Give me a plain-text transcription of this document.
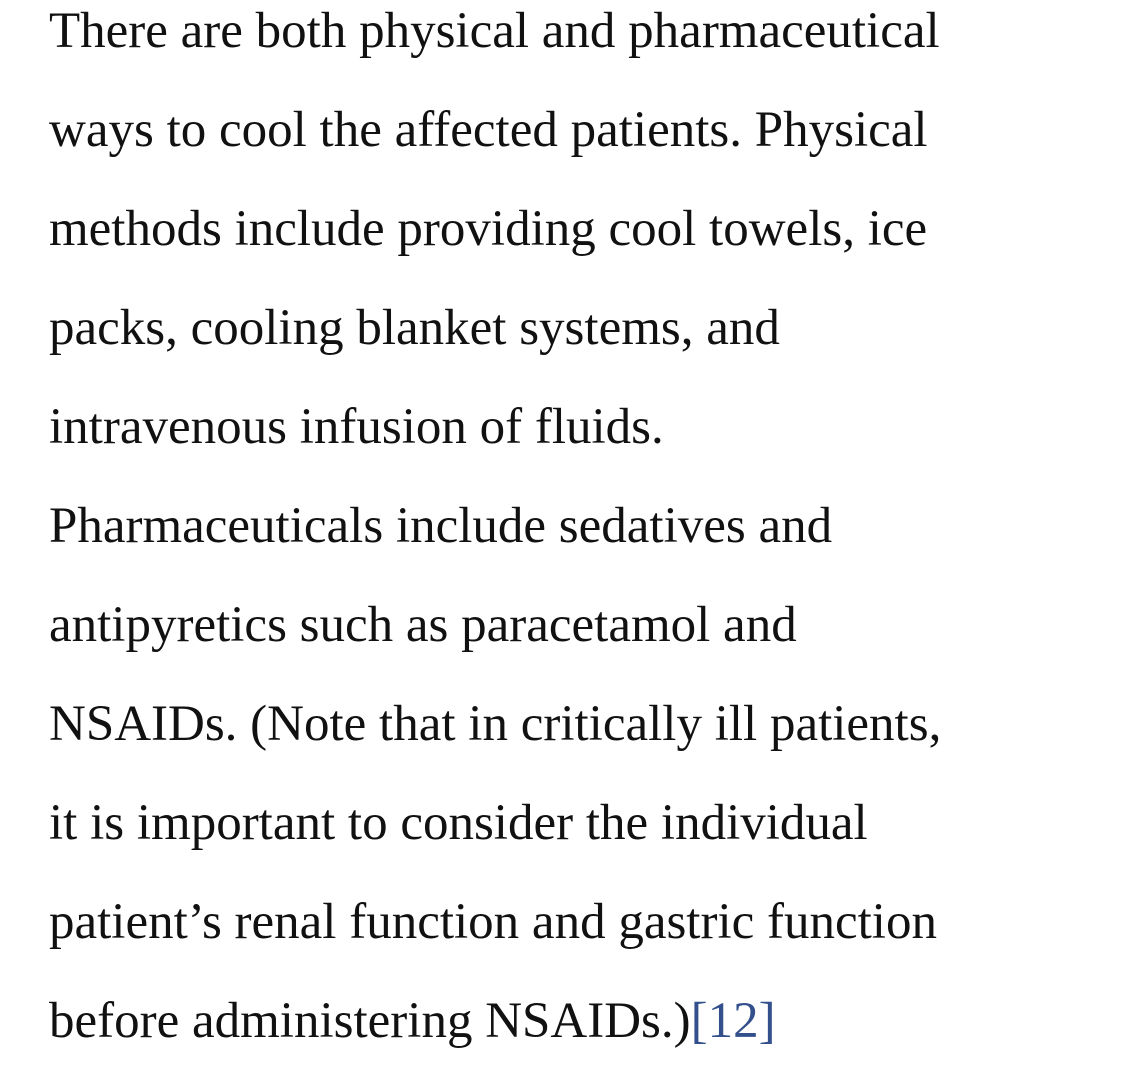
There are both physical and pharmaceutical
ways to cool the affected patients. Physical
methods include providing cool towels, ice
packs, cooling blanket systems, and
intravenous infusion of fluids.
Pharmaceuticals include sedatives and
antipyretics such as paracetamol and
NSAIDs. (Note that in critically ill patients,
it is important to consider the individual
patient’s renal function and gastric function
before administering NSAIDs.)[12]
